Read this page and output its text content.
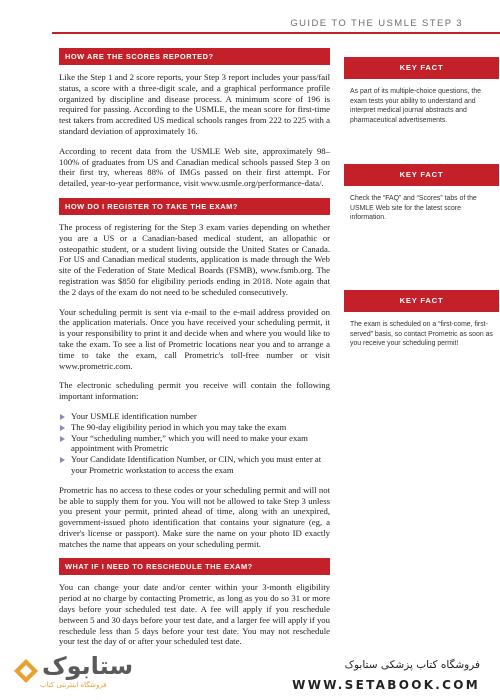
GUIDE TO THE USMLE STEP 3
HOW ARE THE SCORES REPORTED?

Like the Step 1 and 2 score reports, your Step 3 report includes your pass/fail status, a score with a three-digit scale, and a graphical performance profile organized by discipline and disease process. A minimum score of 196 is required for passing. According to the USMLE, the mean score for first-time test takers from accredited US medical schools ranges from 222 to 225 with a standard deviation of approximately 16.

According to recent data from the USMLE Web site, approximately 98–100% of graduates from US and Canadian medical schools passed Step 3 on their first try, whereas 88% of IMGs passed on their first attempt. For detailed, year-to-year performance, visit www.usmle.org/performance-data/.

HOW DO I REGISTER TO TAKE THE EXAM?

The process of registering for the Step 3 exam varies depending on whether you are a US or a Canadian-based medical student, an allopathic or osteopathic student, or a student living outside the United States or Canada. For US and Canadian medical students, application is made through the Web site of the Federation of State Medical Boards (FSMB), www.fsmb.org. The registration was $850 for eligibility periods ending in 2018. Note again that the 2 days of the exam do not need to be scheduled consecutively.

Your scheduling permit is sent via e-mail to the e-mail address provided on the application materials. Once you have received your scheduling permit, it is your responsibility to print it and decide when and where you would like to take the exam. To see a list of Prometric locations near you and to arrange a time to take the exam, call Prometric's toll-free number or visit www.prometric.com.

The electronic scheduling permit you receive will contain the following important information:

Your USMLE identification number
The 90-day eligibility period in which you may take the exam
Your “scheduling number,” which you will need to make your exam appointment with Prometric
Your Candidate Identification Number, or CIN, which you must enter at your Prometric workstation to access the exam

Prometric has no access to these codes or your scheduling permit and will not be able to supply them for you. You will not be allowed to take Step 3 unless you present your permit, printed ahead of time, along with an unexpired, government-issued photo identification that contains your signature (eg, a driver's license or passport). Make sure the name on your photo ID exactly matches the name that appears on your scheduling permit.

WHAT IF I NEED TO RESCHEDULE THE EXAM?

You can change your date and/or center within your 3-month eligibility period at no charge by contacting Prometric, as long as you do so 31 or more days before your scheduled test date. A fee will apply if you reschedule between 5 and 30 days before your test date, and a larger fee will apply if you reschedule less than 5 days before your test date. You may not reschedule your test the day of or after your scheduled test date.

KEY FACT
As part of its multiple-choice questions, the exam tests your ability to understand and interpret medical journal abstracts and pharmaceutical advertisements.
KEY FACT
Check the “FAQ” and “Scores” tabs of the USMLE Web site for the latest score information.
KEY FACT
The exam is scheduled on a “first-come, first-served” basis, so contact Prometric as soon as you receive your scheduling permit!
ستابوک
فروشگاه اینترنتی کتاب
فروشگاه کتاب پزشکی ستابوک
WWW.SETABOOK.COM
